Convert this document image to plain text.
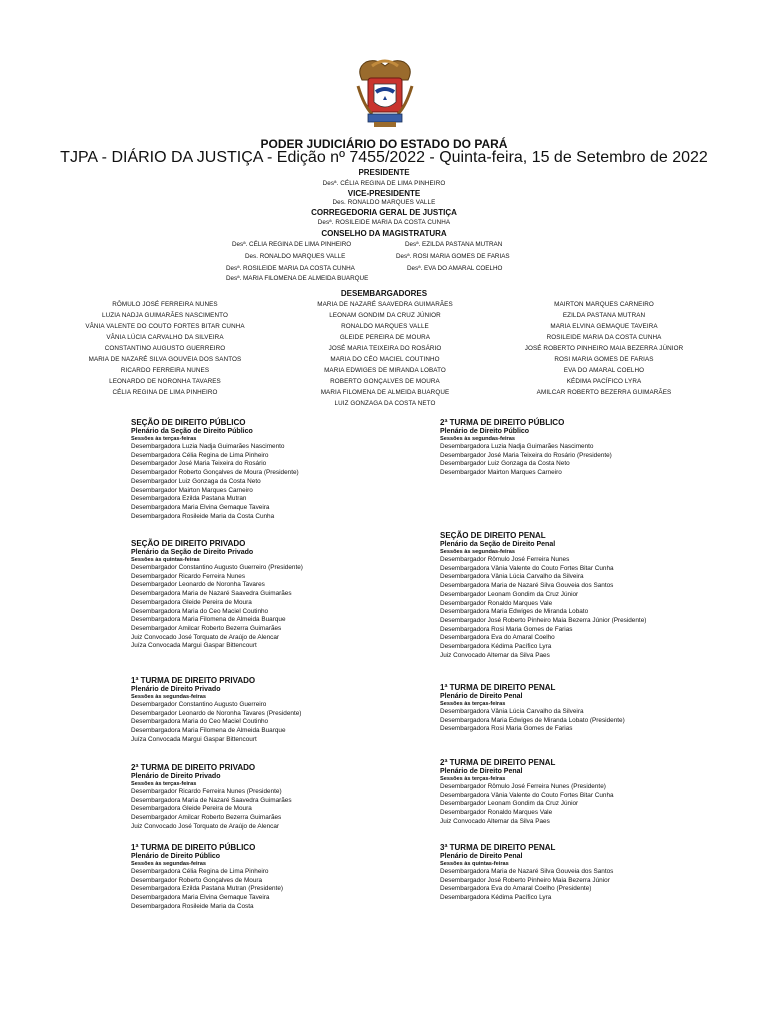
PODER JUDICIÁRIO DO ESTADO DO PARÁ
TJPA - DIÁRIO DA JUSTIÇA - Edição nº 7455/2022 - Quinta-feira, 15 de Setembro de 2022
PRESIDENTE
Desª. CÉLIA REGINA DE LIMA PINHEIRO
VICE-PRESIDENTE
Des. RONALDO MARQUES VALLE
CORREGEDORIA GERAL DE JUSTIÇA
Desª. ROSILEIDE MARIA DA COSTA CUNHA
CONSELHO DA MAGISTRATURA
Desª. CÉLIA REGINA DE LIMA PINHEIRO	Desª. EZILDA PASTANA MUTRAN
Des. RONALDO MARQUES VALLE	Desª. ROSI MARIA GOMES DE FARIAS
Desª. ROSILEIDE MARIA DA COSTA CUNHA	Desª. EVA DO AMARAL COELHO
Desª. MARIA FILOMENA DE ALMEIDA BUARQUE
DESEMBARGADORES
RÔMULO JOSÉ FERREIRA NUNES
LUZIA NADJA GUIMARÃES NASCIMENTO
VÂNIA VALENTE DO COUTO FORTES BITAR CUNHA
VÂNIA LÚCIA CARVALHO DA SILVEIRA
CONSTANTINO AUGUSTO GUERREIRO
MARIA DE NAZARÉ SILVA GOUVEIA DOS SANTOS
RICARDO FERREIRA NUNES
LEONARDO DE NORONHA TAVARES
CÉLIA REGINA DE LIMA PINHEIRO
MARIA DE NAZARÉ SAAVEDRA GUIMARÃES
LEONAM GONDIM DA CRUZ JÚNIOR
RONALDO MARQUES VALLE
GLEIDE PEREIRA DE MOURA
JOSÉ MARIA TEIXEIRA DO ROSÁRIO
MARIA DO CÉO MACIEL COUTINHO
MARIA EDWIGES DE MIRANDA LOBATO
ROBERTO GONÇALVES DE MOURA
MARIA FILOMENA DE ALMEIDA BUARQUE
LUIZ GONZAGA DA COSTA NETO
MAIRTON MARQUES CARNEIRO
EZILDA PASTANA MUTRAN
MARIA ELVINA GEMAQUE TAVEIRA
ROSILEIDE MARIA DA COSTA CUNHA
JOSÉ ROBERTO PINHEIRO MAIA BEZERRA JÚNIOR
ROSI MARIA GOMES DE FARIAS
EVA DO AMARAL COELHO
KÉDIMA PACÍFICO LYRA
AMILCAR ROBERTO BEZERRA GUIMARÃES
SEÇÃO DE DIREITO PÚBLICO
Plenário da Seção de Direito Público
Sessões às terças-feiras
Desembargadora Luzia Nadja Guimarães Nascimento
Desembargadora Célia Regina de Lima Pinheiro
Desembargador José Maria Teixeira do Rosário
Desembargador Roberto Gonçalves de Moura (Presidente)
Desembargador Luiz Gonzaga da Costa Neto
Desembargador Mairton Marques Carneiro
Desembargadora Ezilda Pastana Mutran
Desembargadora Maria Elvina Gemaque Taveira
Desembargadora Rosileide Maria da Costa Cunha
SEÇÃO DE DIREITO PRIVADO
Plenário da Seção de Direito Privado
Sessões às quintas-feiras
Desembargador Constantino Augusto Guerreiro (Presidente)
Desembargador Ricardo Ferreira Nunes
Desembargador Leonardo de Noronha Tavares
Desembargadora Maria de Nazaré Saavedra Guimarães
Desembargadora Gleide Pereira de Moura
Desembargadora Maria do Ceo Maciel Coutinho
Desembargadora Maria Filomena de Almeida Buarque
Desembargador Amilcar Roberto Bezerra Guimarães
Juiz Convocado José Torquato de Araújo de Alencar
Juíza Convocada Margui Gaspar Bittencourt
1ª TURMA DE DIREITO PRIVADO
Plenário de Direito Privado
Sessões às segundas-feiras
Desembargador Constantino Augusto Guerreiro
Desembargador Leonardo de Noronha Tavares (Presidente)
Desembargadora Maria do Ceo Maciel Coutinho
Desembargadora Maria Filomena de Almeida Buarque
Juíza Convocada Margui Gaspar Bittencourt
2ª TURMA DE DIREITO PRIVADO
Plenário de Direito Privado
Sessões às terças-feiras
Desembargador Ricardo Ferreira Nunes (Presidente)
Desembargadora Maria de Nazaré Saavedra Guimarães
Desembargadora Gleide Pereira de Moura
Desembargador Amilcar Roberto Bezerra Guimarães
Juiz Convocado José Torquato de Araújo de Alencar
1ª TURMA DE DIREITO PÚBLICO
Plenário de Direito Público
Sessões às segundas-feiras
Desembargadora Célia Regina de Lima Pinheiro
Desembargador Roberto Gonçalves de Moura
Desembargadora Ezilda Pastana Mutran (Presidente)
Desembargadora Maria Elvina Gemaque Taveira
Desembargadora Rosileide Maria da Costa
2ª TURMA DE DIREITO PÚBLICO
Plenário de Direito Público
Sessões às segundas-feiras
Desembargadora Luzia Nadja Guimarães Nascimento
Desembargador José Maria Teixeira do Rosário (Presidente)
Desembargador Luiz Gonzaga da Costa Neto
Desembargador Mairton Marques Carneiro
SEÇÃO DE DIREITO PENAL
Plenário da Seção de Direito Penal
Sessões às segundas-feiras
Desembargador Rômulo José Ferreira Nunes
Desembargadora Vânia Valente do Couto Fortes Bitar Cunha
Desembargadora Vânia Lúcia Carvalho da Silveira
Desembargadora Maria de Nazaré Silva Gouveia dos Santos
Desembargador Leonam Gondim da Cruz Júnior
Desembargador Ronaldo Marques Vale
Desembargadora Maria Edwiges de Miranda Lobato
Desembargador José Roberto Pinheiro Maia Bezerra Júnior (Presidente)
Desembargadora Rosi Maria Gomes de Farias
Desembargadora Eva do Amaral Coelho
Desembargadora Kédima Pacífico Lyra
Juiz Convocado Altemar da Silva Paes
1ª TURMA DE DIREITO PENAL
Plenário de Direito Penal
Sessões às terças-feiras
Desembargadora Vânia Lúcia Carvalho da Silveira
Desembargadora Maria Edwiges de Miranda Lobato (Presidente)
Desembargadora Rosi Maria Gomes de Farias
2ª TURMA DE DIREITO PENAL
Plenário de Direito Penal
Sessões às terças-feiras
Desembargador Rômulo José Ferreira Nunes (Presidente)
Desembargadora Vânia Valente do Couto Fortes Bitar Cunha
Desembargador Leonam Gondim da Cruz Júnior
Desembargador Ronaldo Marques Vale
Juiz Convocado Altemar da Silva Paes
3ª TURMA DE DIREITO PENAL
Plenário de Direito Penal
Sessões às quintas-feiras
Desembargadora Maria de Nazaré Silva Gouveia dos Santos
Desembargador José Roberto Pinheiro Maia Bezerra Júnior
Desembargadora Eva do Amaral Coelho (Presidente)
Desembargadora Kédima Pacífico Lyra
